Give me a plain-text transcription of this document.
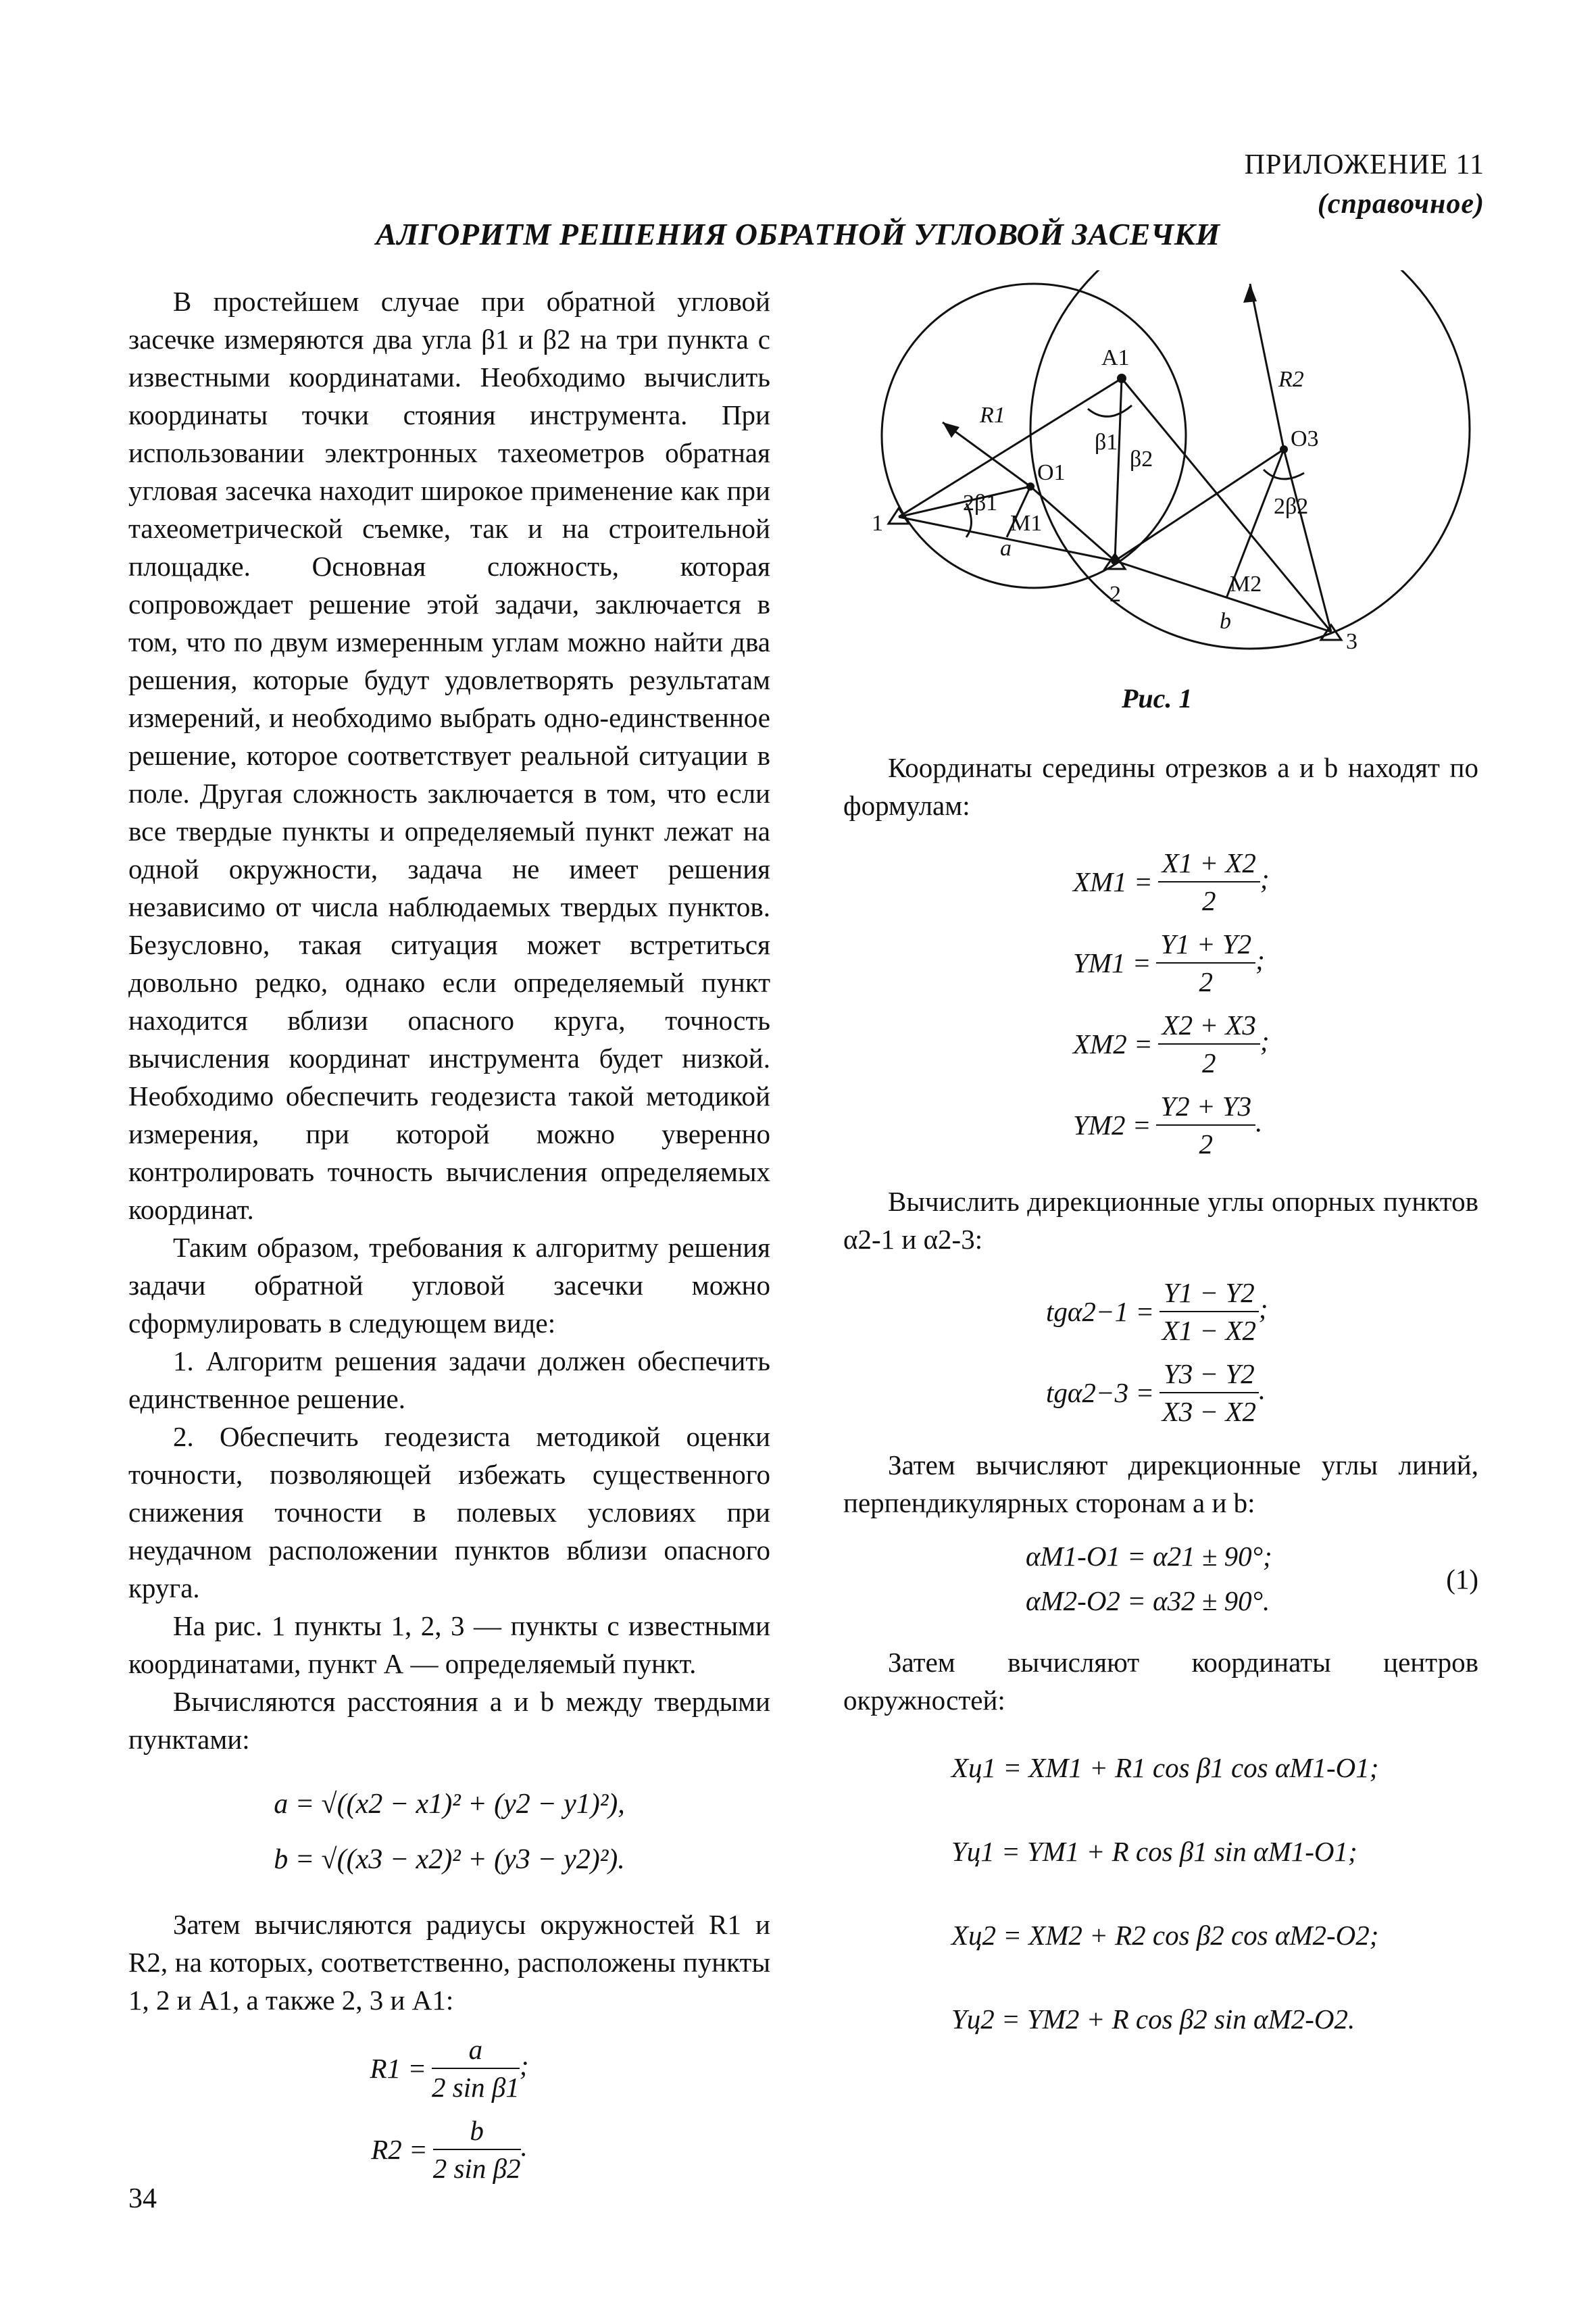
ПРИЛОЖЕНИЕ 11
(справочное)
АЛГОРИТМ РЕШЕНИЯ ОБРАТНОЙ УГЛОВОЙ ЗАСЕЧКИ

В простейшем случае при обратной угловой засечке измеряются два угла β1 и β2 на три пункта с известными координатами. Необходимо вычислить координаты точки стояния инструмента. При использовании электронных тахеометров обратная угловая засечка находит широкое применение как при тахеометрической съемке, так и на строительной площадке. Основная сложность, которая сопровождает решение этой задачи, заключается в том, что по двум измеренным углам можно найти два решения, которые будут удовлетворять результатам измерений, и необходимо выбрать одно-единственное решение, которое соответствует реальной ситуации в поле. Другая сложность заключается в том, что если все твердые пункты и определяемый пункт лежат на одной окружности, задача не имеет решения независимо от числа наблюдаемых твердых пунктов. Безусловно, такая ситуация может встретиться довольно редко, однако если определяемый пункт находится вблизи опасного круга, точность вычисления координат инструмента будет низкой. Необходимо обеспечить геодезиста такой методикой измерения, при которой можно уверенно контролировать точность вычисления определяемых координат.

Таким образом, требования к алгоритму решения задачи обратной угловой засечки можно сформулировать в следующем виде:

1. Алгоритм решения задачи должен обеспечить единственное решение.

2. Обеспечить геодезиста методикой оценки точности, позволяющей избежать существенного снижения точности в полевых условиях при неудачном расположении пунктов вблизи опасного круга.

На рис. 1 пункты 1, 2, 3 — пункты с известными координатами, пункт А — определяемый пункт.

Вычисляются расстояния a и b между твердыми пунктами:

a = √((x2 − x1)² + (y2 − y1)²),
b = √((x3 − x2)² + (y3 − y2)²).

Затем вычисляются радиусы окружностей R1 и R2, на которых, соответственно, расположены пункты 1, 2 и A1, а также 2, 3 и A1:

$R1 = \frac{a}{\text{2 sin β1}}$ ;
$R2 = \frac{b}{\text{2 sin β2}}$ .
1
2
3
A1
R1
R2
O1
O3
M1
M2
β1
β2
2β1	2β2
a
b
Рис. 1

Координаты середины отрезков a и b находят по формулам:

$XM1 = \frac{X1 + X2}{2}$ ;
$YM1 = \frac{Y1 + Y2}{2}$ ;
$XM2 = \frac{X2 + X3}{2}$ ;
$YM2 = \frac{Y2 + Y3}{2}$ .

Вычислить дирекционные углы опорных пунктов α2-1 и α2-3:

$tg\alpha 2-1 = \frac{Y1 - Y2}{X1 - X2}$ ;
$tg\alpha 2-3 = \frac{Y3 - Y2}{X3 - X2}$ .

Затем вычисляют дирекционные углы линий, перпендикулярных сторонам a и b:

αM1-O1 = α21 ± 90°;
αM2-O2 = α32 ± 90°.
(1)

Затем вычисляют координаты центров окружностей:

Xц1 = XM1 + R1 cos β1 cos αM1-O1;
Yц1 = YM1 + R cos β1 sin αM1-O1;
Xц2 = XM2 + R2 cos β2 cos αM2-O2;
Yц2 = YM2 + R cos β2 sin αM2-O2.
34
